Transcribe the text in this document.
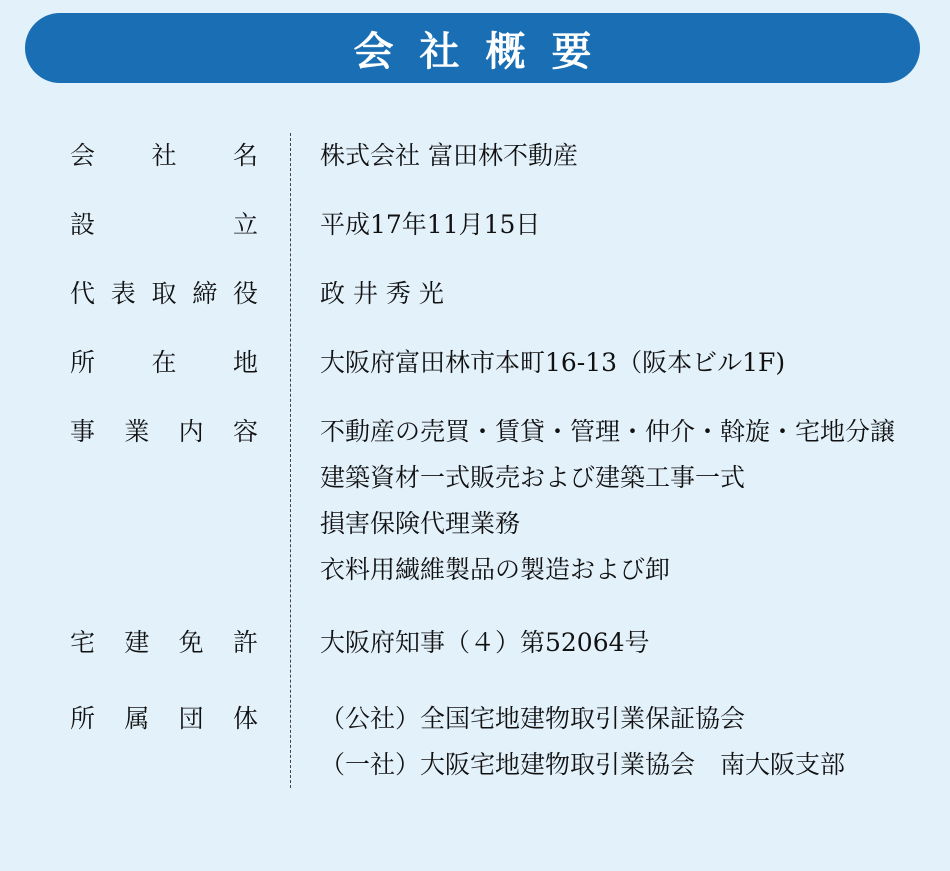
会社概要
会 社 名 株式会社 富田林不動産
設	立 平成17年11月15日
代 表 取 締 役 政 井 秀 光
所 在 地 大阪府富田林市本町16-13（阪本ビル1F)
事 業 内 容 不動産の売買・賃貸・管理・仲介・斡旋・宅地分譲
建築資材一式販売および建築工事一式
損害保険代理業務
衣料用繊維製品の製造および卸
宅 建 免 許 大阪府知事（４）第52064号
所 属 団 体 （公社）全国宅地建物取引業保証協会
（一社）大阪宅地建物取引業協会　南大阪支部
